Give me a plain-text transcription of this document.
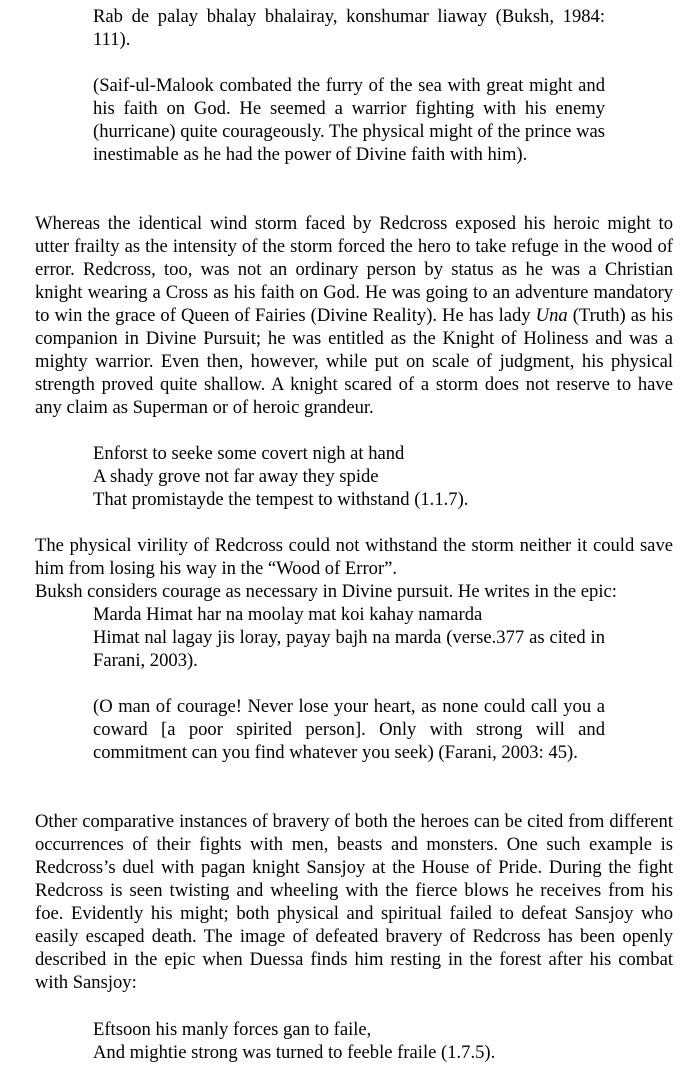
Rab de palay bhalay bhalairay, konshumar liaway (Buksh, 1984: 111).

(Saif-ul-Malook combated the furry of the sea with great might and his faith on God. He seemed a warrior fighting with his enemy (hurricane) quite courageously. The physical might of the prince was inestimable as he had the power of Divine faith with him).

Whereas the identical wind storm faced by Redcross exposed his heroic might to utter frailty as the intensity of the storm forced the hero to take refuge in the wood of error. Redcross, too, was not an ordinary person by status as he was a Christian knight wearing a Cross as his faith on God. He was going to an adventure mandatory to win the grace of Queen of Fairies (Divine Reality). He has lady Una (Truth) as his companion in Divine Pursuit; he was entitled as the Knight of Holiness and was a mighty warrior. Even then, however, while put on scale of judgment, his physical strength proved quite shallow. A knight scared of a storm does not reserve to have any claim as Superman or of heroic grandeur.

Enforst to seeke some covert nigh at hand
A shady grove not far away they spide
That promistayde the tempest to withstand (1.1.7).

The physical virility of Redcross could not withstand the storm neither it could save him from losing his way in the “Wood of Error”.

Buksh considers courage as necessary in Divine pursuit. He writes in the epic:

Marda Himat har na moolay mat koi kahay namarda

Himat nal lagay jis loray, payay bajh na marda (verse.377 as cited in Farani, 2003).

(O man of courage! Never lose your heart, as none could call you a coward [a poor spirited person]. Only with strong will and commitment can you find whatever you seek) (Farani, 2003: 45).

Other comparative instances of bravery of both the heroes can be cited from different occurrences of their fights with men, beasts and monsters. One such example is Redcross’s duel with pagan knight Sansjoy at the House of Pride. During the fight Redcross is seen twisting and wheeling with the fierce blows he receives from his foe. Evidently his might; both physical and spiritual failed to defeat Sansjoy who easily escaped death. The image of defeated bravery of Redcross has been openly described in the epic when Duessa finds him resting in the forest after his combat with Sansjoy:

Eftsoon his manly forces gan to faile,
And mightie strong was turned to feeble fraile (1.7.5).
